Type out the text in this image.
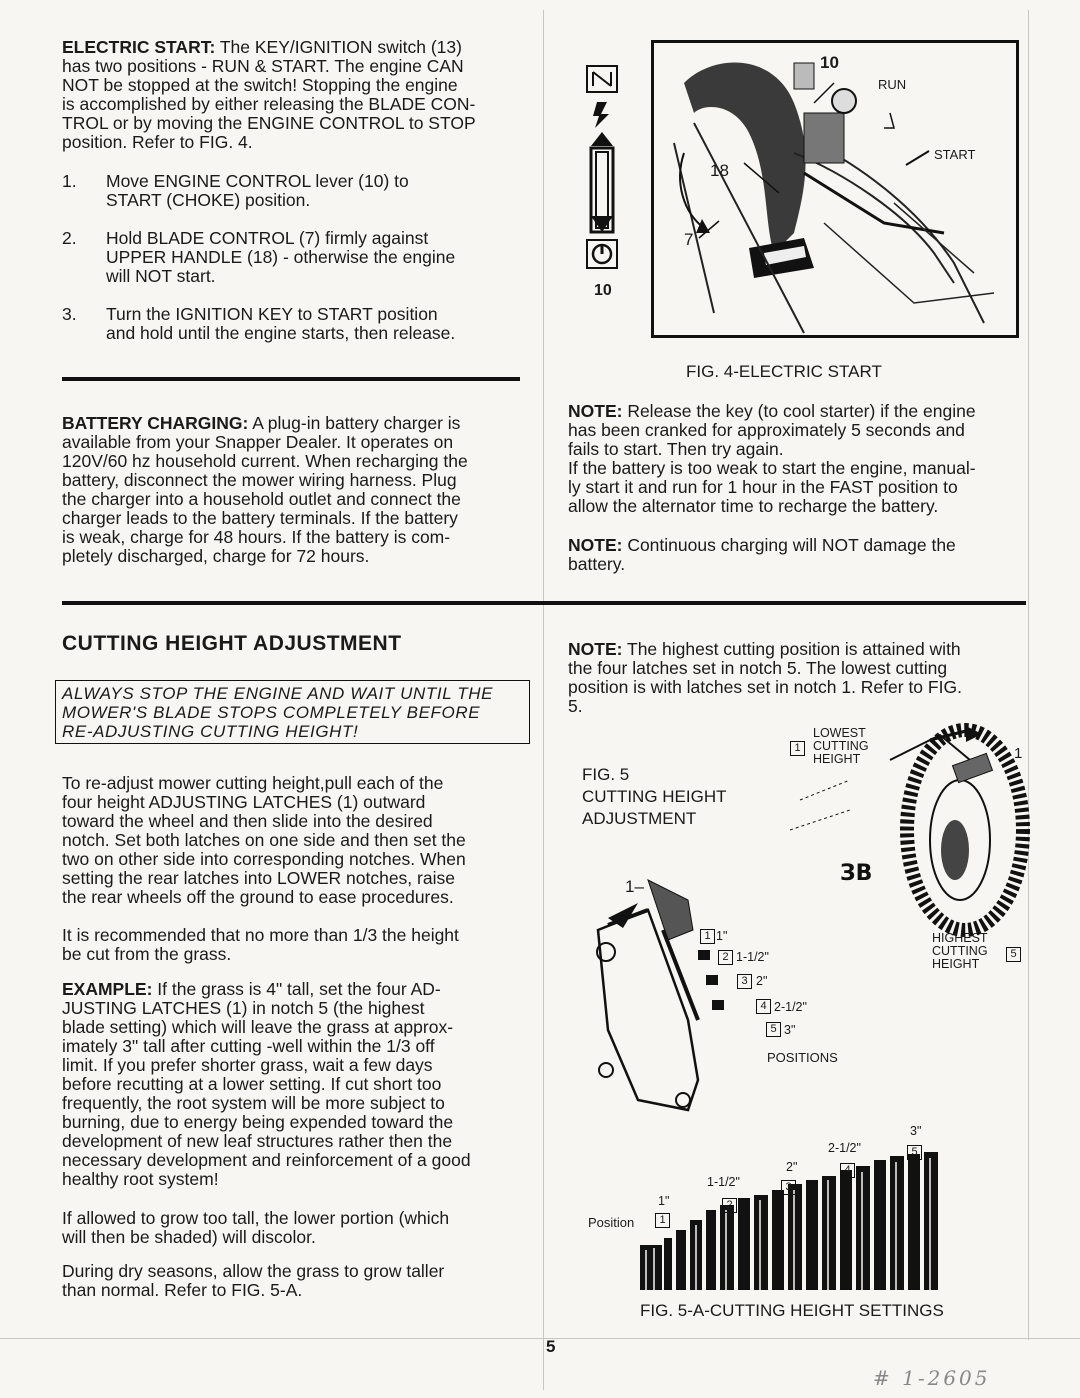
ELECTRIC START: The KEY/IGNITION switch (13)
has two positions - RUN & START. The engine CAN
NOT be stopped at the switch! Stopping the engine
is accomplished by either releasing the BLADE CON-
TROL or by moving the ENGINE CONTROL to STOP
position. Refer to FIG. 4.

1. Move ENGINE CONTROL lever (10) to
START (CHOKE) position.

2. Hold BLADE CONTROL (7) firmly against
UPPER HANDLE (18) - otherwise the engine
will NOT start.

3. Turn the IGNITION KEY to START position
and hold until the engine starts, then release.

BATTERY CHARGING: A plug-in battery charger is
available from your Snapper Dealer. It operates on
120V/60 hz household current. When recharging the
battery, disconnect the mower wiring harness. Plug
the charger into a household outlet and connect the
charger leads to the battery terminals. If the battery
is weak, charge for 48 hours. If the battery is com-
pletely discharged, charge for 72 hours.

CUTTING HEIGHT ADJUSTMENT
ALWAYS STOP THE ENGINE AND WAIT UNTIL THE
MOWER'S BLADE STOPS COMPLETELY BEFORE
RE-ADJUSTING CUTTING HEIGHT!

To re-adjust mower cutting height,pull each of the
four height ADJUSTING LATCHES (1) outward
toward the wheel and then slide into the desired
notch. Set both latches on one side and then set the
two on other side into corresponding notches. When
setting the rear latches into LOWER notches, raise
the rear wheels off the ground to ease procedures.

It is recommended that no more than 1/3 the height
be cut from the grass.

EXAMPLE: If the grass is 4" tall, set the four AD-
JUSTING LATCHES (1) in notch 5 (the highest
blade setting) which will leave the grass at approx-
imately 3" tall after cutting -well within the 1/3 off
limit. If you prefer shorter grass, wait a few days
before recutting at a lower setting. If cut short too
frequently, the root system will be more subject to
burning, due to energy being expended toward the
development of new leaf structures rather then the
necessary development and reinforcement of a good
healthy root system!

If allowed to grow too tall, the lower portion (which
will then be shaded) will discolor.

During dry seasons, allow the grass to grow taller
than normal. Refer to FIG. 5-A.

10
10
RUN
START
18
7
FIG. 4-ELECTRIC START

NOTE: Release the key (to cool starter) if the engine
has been cranked for approximately 5 seconds and
fails to start. Then try again.
If the battery is too weak to start the engine, manual-
ly start it and run for 1 hour in the FAST position to
allow the alternator time to recharge the battery.

NOTE: Continuous charging will NOT damage the
battery.

NOTE: The highest cutting position is attained with
the four latches set in notch 5. The lowest cutting
position is with latches set in notch 1. Refer to FIG.
5.

FIG. 5
CUTTING HEIGHT
ADJUSTMENT
LOWEST
CUTTING
HEIGHT
1	1
ЗB
HIGHEST
CUTTING
HEIGHT
5
1–
1 1"
2 1-1/2"
3 2"
4 2-1/2"
5 3"
POSITIONS
Position	1
1"	2
1-1/2"	3
2"	4
2-1/2"	5
3"
FIG. 5-A-CUTTING HEIGHT SETTINGS
5
# 1-2605
